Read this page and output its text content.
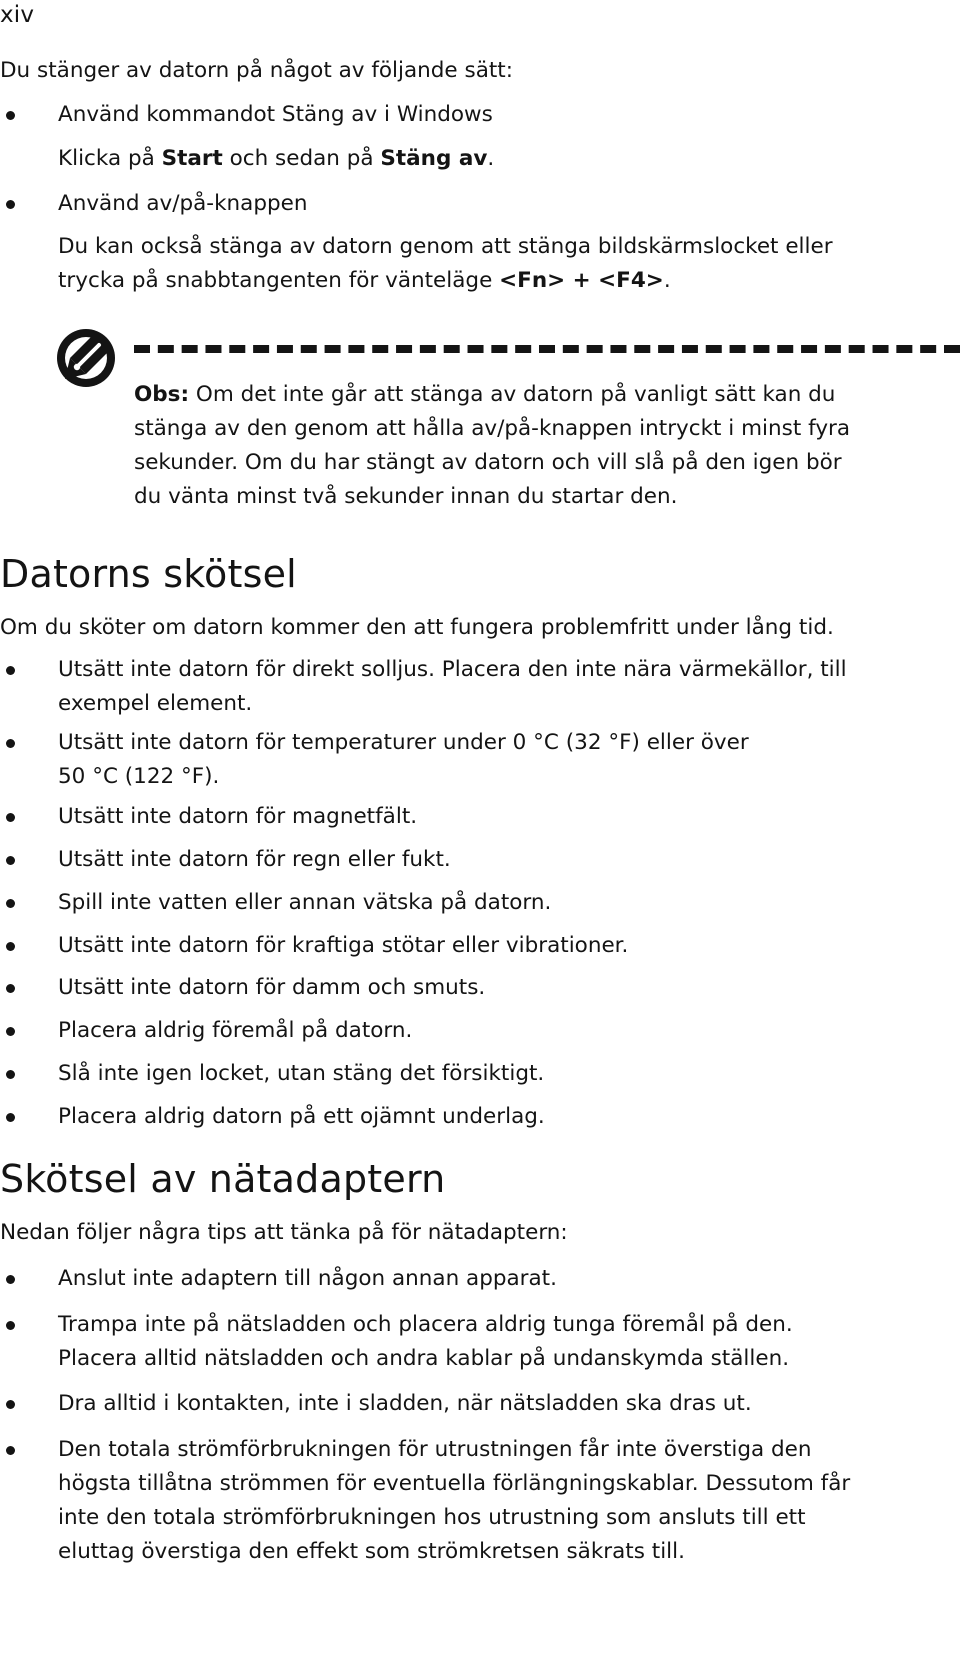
xiv

Du stänger av datorn på något av följande sätt:

Använd kommandot Stäng av i Windows
Klicka på Start och sedan på Stäng av.
Använd av/på-knappen
Du kan också stänga av datorn genom att stänga bildskärmslocket eller
trycka på snabbtangenten för vänteläge <Fn> + <F4>.
Obs: Om det inte går att stänga av datorn på vanligt sätt kan du
stänga av den genom att hålla av/på-knappen intryckt i minst fyra
sekunder. Om du har stängt av datorn och vill slå på den igen bör
du vänta minst två sekunder innan du startar den.
Datorns skötsel

Om du sköter om datorn kommer den att fungera problemfritt under lång tid.

Utsätt inte datorn för direkt solljus. Placera den inte nära värmekällor, till
exempel element.
Utsätt inte datorn för temperaturer under 0 °C (32 °F) eller över
50 °C (122 °F).
Utsätt inte datorn för magnetfält.
Utsätt inte datorn för regn eller fukt.
Spill inte vatten eller annan vätska på datorn.
Utsätt inte datorn för kraftiga stötar eller vibrationer.
Utsätt inte datorn för damm och smuts.
Placera aldrig föremål på datorn.
Slå inte igen locket, utan stäng det försiktigt.
Placera aldrig datorn på ett ojämnt underlag.
Skötsel av nätadaptern

Nedan följer några tips att tänka på för nätadaptern:

Anslut inte adaptern till någon annan apparat.
Trampa inte på nätsladden och placera aldrig tunga föremål på den.
Placera alltid nätsladden och andra kablar på undanskymda ställen.
Dra alltid i kontakten, inte i sladden, när nätsladden ska dras ut.
Den totala strömförbrukningen för utrustningen får inte överstiga den
högsta tillåtna strömmen för eventuella förlängningskablar. Dessutom får
inte den totala strömförbrukningen hos utrustning som ansluts till ett
eluttag överstiga den effekt som strömkretsen säkrats till.
